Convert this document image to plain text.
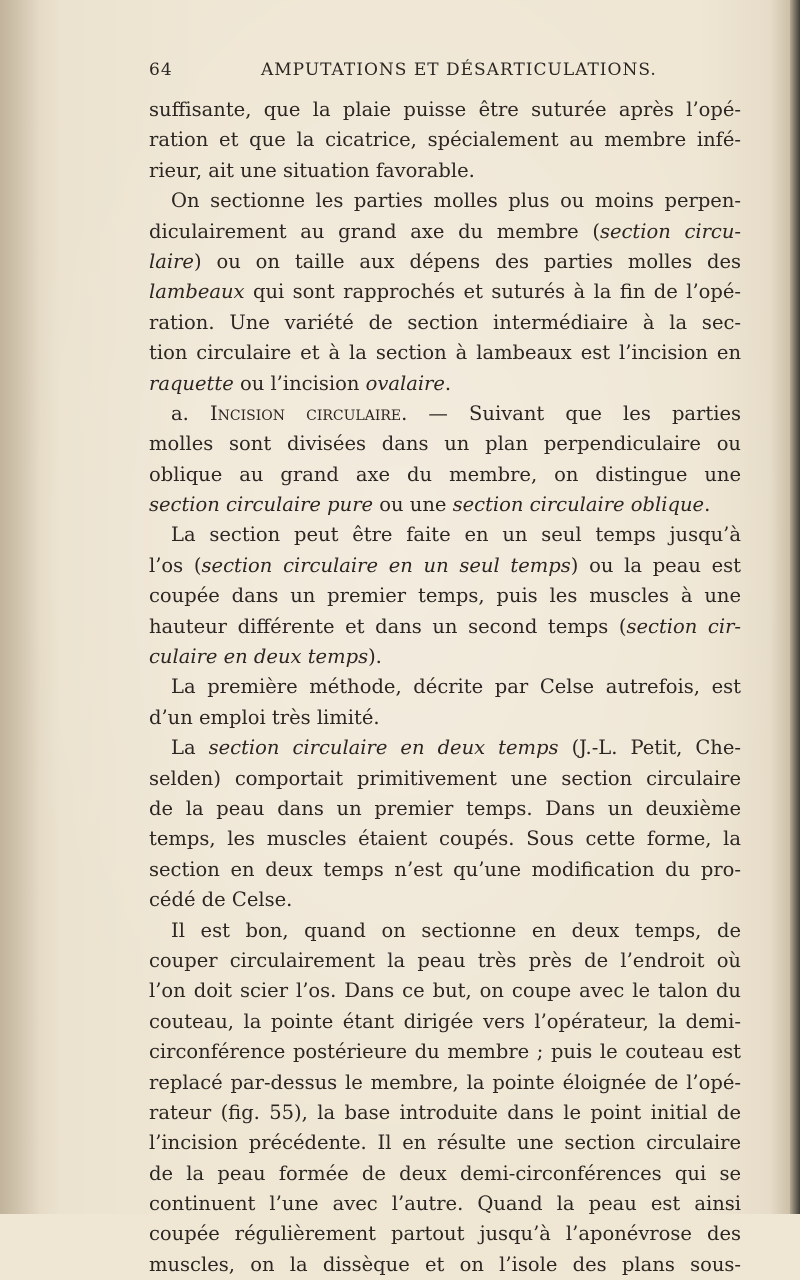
64	AMPUTATIONS ET DÉSARTICULATIONS.
suffisante, que la plaie puisse être suturée après l’opé-
ration et que la cicatrice, spécialement au membre infé-
rieur, ait une situation favorable.
On sectionne les parties molles plus ou moins perpen-
diculairement au grand axe du membre (section circu-
laire) ou on taille aux dépens des parties molles des
lambeaux qui sont rapprochés et suturés à la fin de l’opé-
ration. Une variété de section intermédiaire à la sec-
tion circulaire et à la section à lambeaux est l’incision en
raquette ou l’incision ovalaire.
a. Incision circulaire. — Suivant que les parties
molles sont divisées dans un plan perpendiculaire ou
oblique au grand axe du membre, on distingue une
section circulaire pure ou une section circulaire oblique.
La section peut être faite en un seul temps jusqu’à
l’os (section circulaire en un seul temps) ou la peau est
coupée dans un premier temps, puis les muscles à une
hauteur différente et dans un second temps (section cir-
culaire en deux temps).
La première méthode, décrite par Celse autrefois, est
d’un emploi très limité.
La section circulaire en deux temps (J.-L. Petit, Che-
selden) comportait primitivement une section circulaire
de la peau dans un premier temps. Dans un deuxième
temps, les muscles étaient coupés. Sous cette forme, la
section en deux temps n’est qu’une modification du pro-
cédé de Celse.
Il est bon, quand on sectionne en deux temps, de
couper circulairement la peau très près de l’endroit où
l’on doit scier l’os. Dans ce but, on coupe avec le talon du
couteau, la pointe étant dirigée vers l’opérateur, la demi-
circonférence postérieure du membre ; puis le couteau est
replacé par-dessus le membre, la pointe éloignée de l’opé-
rateur (fig. 55), la base introduite dans le point initial de
l’incision précédente. Il en résulte une section circulaire
de la peau formée de deux demi-circonférences qui se
continuent l’une avec l’autre. Quand la peau est ainsi
coupée régulièrement partout jusqu’à l’aponévrose des
muscles, on la dissèque et on l’isole des plans sous-
